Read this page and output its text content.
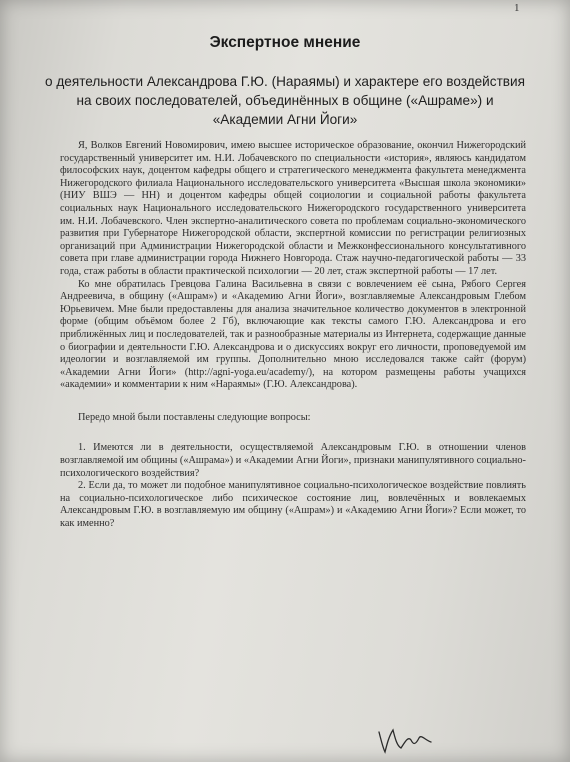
1
Экспертное мнение
о деятельности Александрова Г.Ю. (Нараямы) и характере его воздействия на своих последователей, объединённых в общине («Ашраме») и «Академии Агни Йоги»

Я, Волков Евгений Новомирович, имею высшее историческое образование, окончил Нижегородский государственный университет им. Н.И. Лобачевского по специальности «история», являюсь кандидатом философских наук, доцентом кафедры общего и стратегического менеджмента факультета менеджмента Нижегородского филиала Национального исследовательского университета «Высшая школа экономики» (НИУ ВШЭ — НН) и доцентом кафедры общей социологии и социальной работы факультета социальных наук Национального исследовательского Нижегородского государственного университета им. Н.И. Лобачевского. Член экспертно-аналитического совета по проблемам социально-экономического развития при Губернаторе Нижегородской области, экспертной комиссии по регистрации религиозных организаций при Администрации Нижегородской области и Межконфессионального консультативного совета при главе администрации города Нижнего Новгорода. Стаж научно-педагогической работы — 33 года, стаж работы в области практической психологии — 20 лет, стаж экспертной работы — 17 лет.

Ко мне обратилась Гревцова Галина Васильевна в связи с вовлечением её сына, Рябого Сергея Андреевича, в общину («Ашрам») и «Академию Агни Йоги», возглавляемые Александровым Глебом Юрьевичем. Мне были предоставлены для анализа значительное количество документов в электронной форме (общим объёмом более 2 Гб), включающие как тексты самого Г.Ю. Александрова и его приближённых лиц и последователей, так и разнообразные материалы из Интернета, содержащие данные о биографии и деятельности Г.Ю. Александрова и о дискуссиях вокруг его личности, проповедуемой им идеологии и возглавляемой им группы. Дополнительно мною исследовался также сайт (форум) «Академии Агни Йоги» (http://agni-yoga.eu/academy/), на котором размещены работы учащихся «академии» и комментарии к ним «Нараямы» (Г.Ю. Александрова).

Передо мной были поставлены следующие вопросы:

1. Имеются ли в деятельности, осуществляемой Александровым Г.Ю. в отношении членов возглавляемой им общины («Ашрама») и «Академии Агни Йоги», признаки манипулятивного социально-психологического воздействия?

2. Если да, то может ли подобное манипулятивное социально-психологическое воздействие повлиять на социально-психологическое либо психическое состояние лиц, вовлечённых и вовлекаемых Александровым Г.Ю. в возглавляемую им общину («Ашрам») и «Академию Агни Йоги»? Если может, то как именно?
